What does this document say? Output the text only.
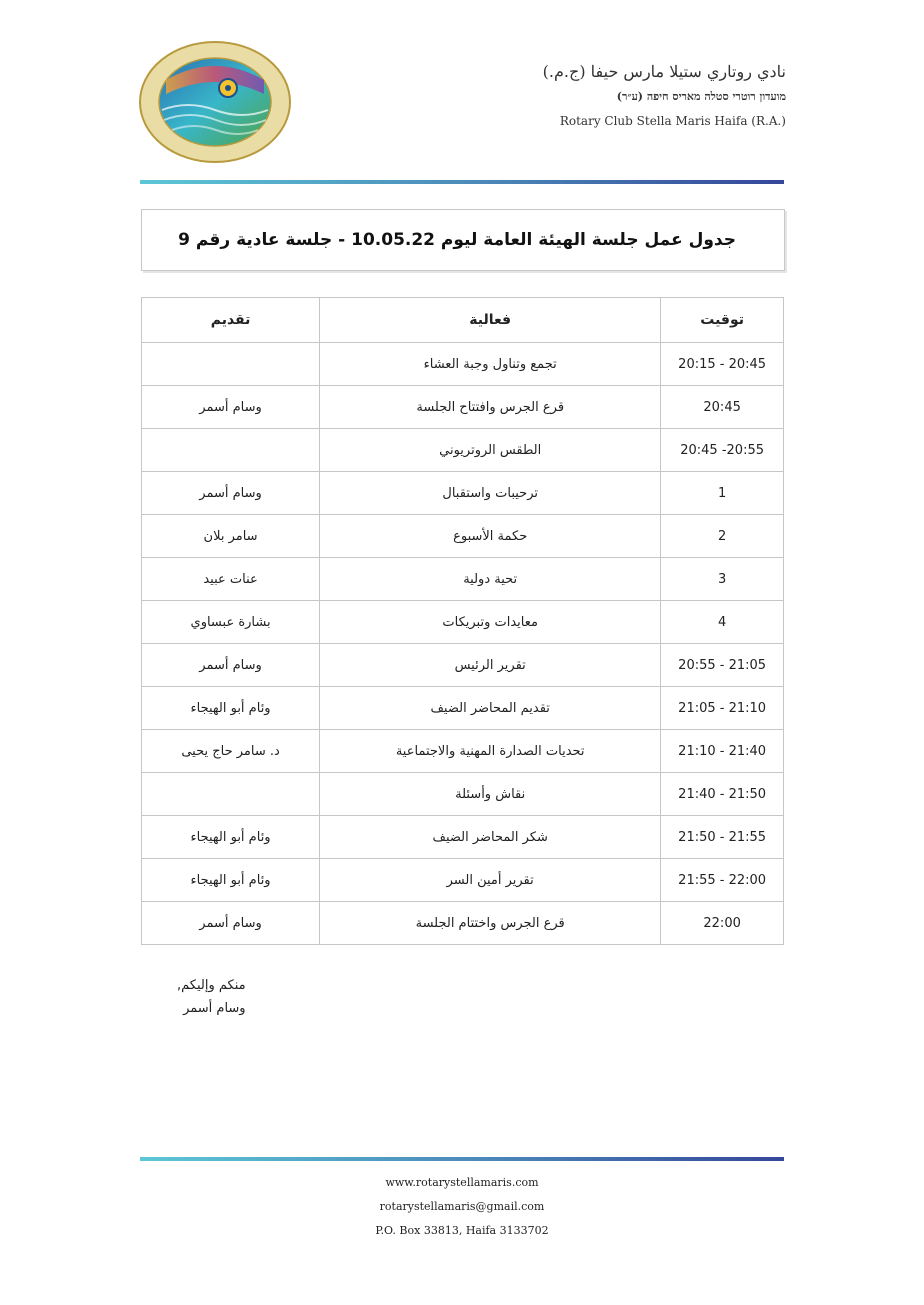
نادي روتاري ستيلا مارس حيفا (ج.م.)
מועדון רוטרי סטלה מאריס חיפה (ע״ר)
Rotary Club Stella Maris Haifa (R.A.)
جدول عمل جلسة الهيئة العامة ليوم 10.05.22 - جلسة عادية رقم 9
توقيت	فعالية	تقديم
20:15 - 20:45	تجمع وتناول وجبة العشاء	
20:45	قرع الجرس وافتتاح الجلسة	وسام أسمر
20:45 -20:55	الطقس الروتريوني	
1	ترحيبات واستقبال	وسام أسمر
2	حكمة الأسبوع	سامر بلان
3	تحية دولية	عنات عبيد
4	معايدات وتبريكات	بشارة عبساوي
20:55 - 21:05	تقرير الرئيس	وسام أسمر
21:05 - 21:10	تقديم المحاضر الضيف	وئام أبو الهيجاء
21:10 - 21:40	تحديات الصدارة المهنية والاجتماعية	د. سامر حاج يحيى
21:40 - 21:50	نقاش وأسئلة	
21:50 - 21:55	شكر المحاضر الضيف	وئام أبو الهيجاء
21:55 - 22:00	تقرير أمين السر	وئام أبو الهيجاء
22:00	قرع الجرس واختتام الجلسة	وسام أسمر
منكم وإليكم,
وسام أسمر
www.rotarystellamaris.com
rotarystellamaris@gmail.com
P.O. Box 33813, Haifa 3133702
